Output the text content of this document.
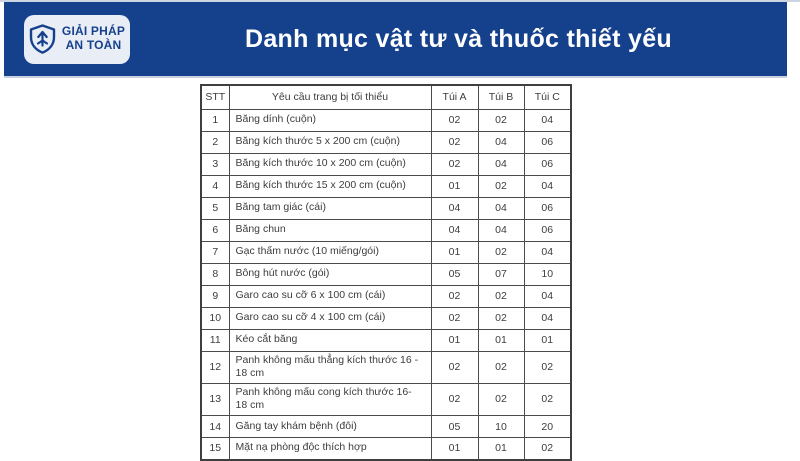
GIẢI PHÁP
AN TOÀN	Danh mục vật tư và thuốc thiết yếu
STT	Yêu cầu trang bị tối thiểu	Túi A	Túi B	Túi C
1	Băng dính (cuộn)	02	02	04
2	Băng kích thước 5 x 200 cm (cuộn)	02	04	06
3	Băng kích thước 10 x 200 cm (cuộn)	02	04	06
4	Băng kích thước 15 x 200 cm (cuộn)	01	02	04
5	Băng tam giác (cái)	04	04	06
6	Băng chun	04	04	06
7	Gạc thấm nước (10 miếng/gói)	01	02	04
8	Bông hút nước (gói)	05	07	10
9	Garo cao su cỡ 6 x 100 cm (cái)	02	02	04
10	Garo cao su cỡ 4 x 100 cm (cái)	02	02	04
11	Kéo cắt băng	01	01	01
12	Panh không mấu thẳng kích thước 16 - 18 cm	02	02	02
13	Panh không mấu cong kích thước 16- 18 cm	02	02	02
14	Găng tay khám bệnh (đôi)	05	10	20
15	Mặt nạ phòng độc thích hợp	01	01	02
